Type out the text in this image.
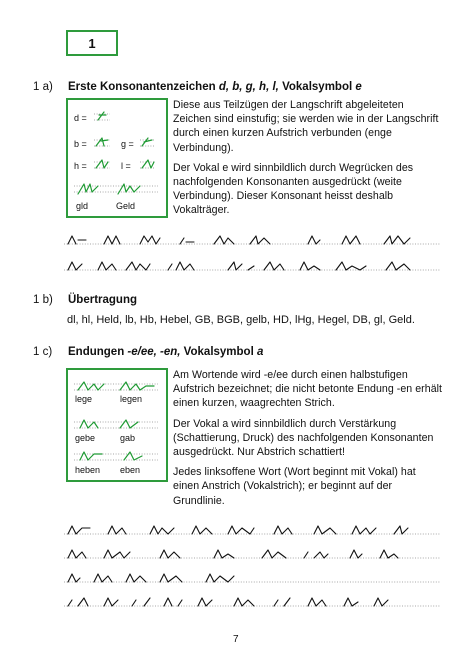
1
1 a) Erste Konsonantenzeichen d, b, g, h, l, Vokalsymbol e
d =
b =	g =
h =	l =
gld	Geld

Diese aus Teilzügen der Langschrift abgeleiteten Zeichen sind einstufig; sie werden wie in der Langschrift durch einen kurzen Aufstrich verbunden (enge Verbindung).

Der Vokal e wird sinnbildlich durch Wegrücken des nachfolgenden Konsonanten ausgedrückt (weite Verbindung). Dieser Konsonant heisst deshalb Vokalträger.

1 b) Übertragung
dl, hl, Held, lb, Hb, Hebel, GB, BGB, gelb, HD, lHg, Hegel, DB, gl, Geld.
1 c) Endungen -e/ee, -en, Vokalsymbol a
lege	legen
gebe	gab
heben eben

Am Wortende wird -e/ee durch einen halbstufigen Aufstrich bezeichnet; die nicht betonte Endung -en erhält einen kurzen, waagrechten Strich.

Der Vokal a wird sinnbildlich durch Verstärkung (Schattierung, Druck) des nachfolgenden Konsonanten ausgedrückt. Nur Abstrich schattiert!

Jedes linksoffene Wort (Wort beginnt mit Vokal) hat einen Anstrich (Vokalstrich); er beginnt auf der Grundlinie.

7
